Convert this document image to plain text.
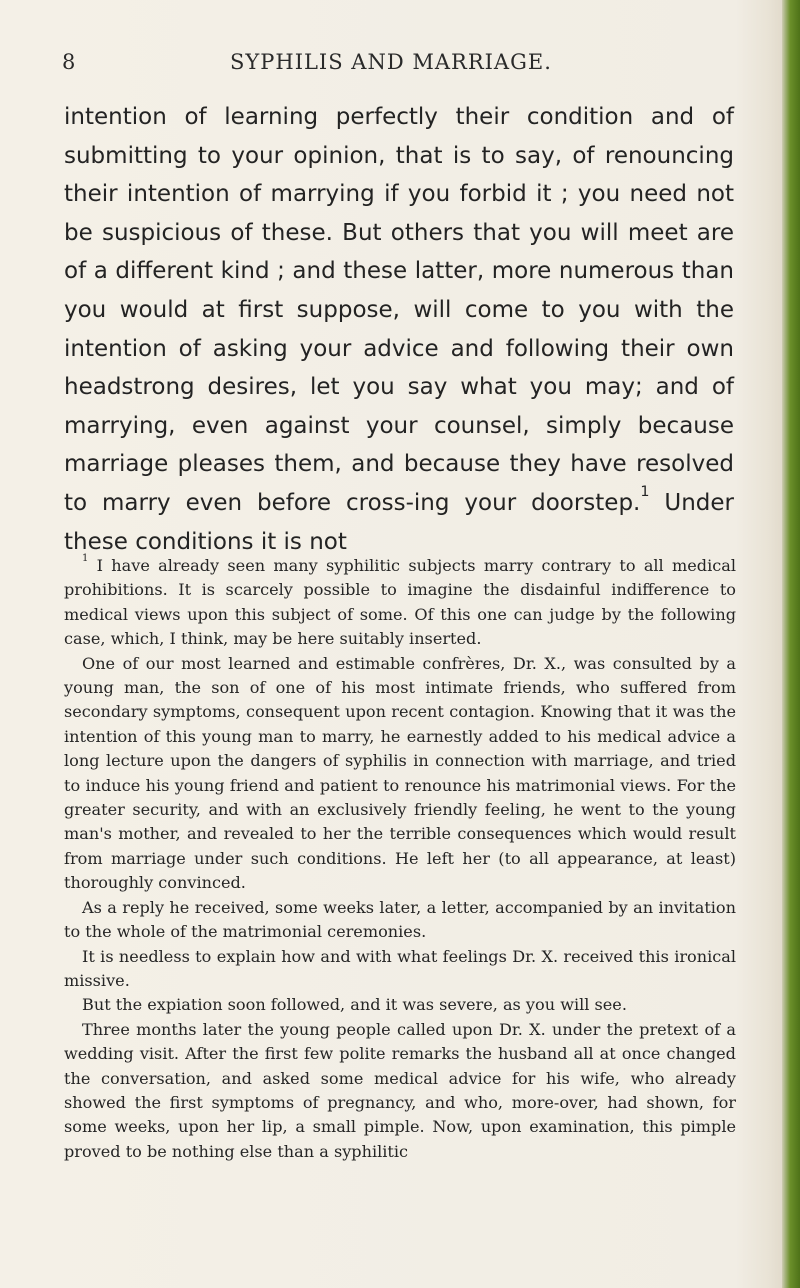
8	SYPHILIS AND MARRIAGE.

intention of learning perfectly their condition and of submitting to your opinion, that is to say, of renouncing their intention of marrying if you forbid it ; you need not be suspicious of these. But others that you will meet are of a different kind ; and these latter, more numerous than you would at first suppose, will come to you with the intention of asking your advice and following their own headstrong desires, let you say what you may; and of marrying, even against your counsel, simply because marriage pleases them, and because they have resolved to marry even before cross-ing your doorstep.$^1$ Under these conditions it is not

$^1$ I have already seen many syphilitic subjects marry contrary to all medical prohibitions. It is scarcely possible to imagine the disdainful indifference to medical views upon this subject of some. Of this one can judge by the following case, which, I think, may be here suitably inserted.

One of our most learned and estimable confrères, Dr. X., was consulted by a young man, the son of one of his most intimate friends, who suffered from secondary symptoms, consequent upon recent contagion. Knowing that it was the intention of this young man to marry, he earnestly added to his medical advice a long lecture upon the dangers of syphilis in connection with marriage, and tried to induce his young friend and patient to renounce his matrimonial views. For the greater security, and with an exclusively friendly feeling, he went to the young man's mother, and revealed to her the terrible consequences which would result from marriage under such conditions. He left her (to all appearance, at least) thoroughly convinced.

As a reply he received, some weeks later, a letter, accompanied by an invitation to the whole of the matrimonial ceremonies.

It is needless to explain how and with what feelings Dr. X. received this ironical missive.

But the expiation soon followed, and it was severe, as you will see.

Three months later the young people called upon Dr. X. under the pretext of a wedding visit. After the first few polite remarks the husband all at once changed the conversation, and asked some medical advice for his wife, who already showed the first symptoms of pregnancy, and who, more-over, had shown, for some weeks, upon her lip, a small pimple. Now, upon examination, this pimple proved to be nothing else than a syphilitic
